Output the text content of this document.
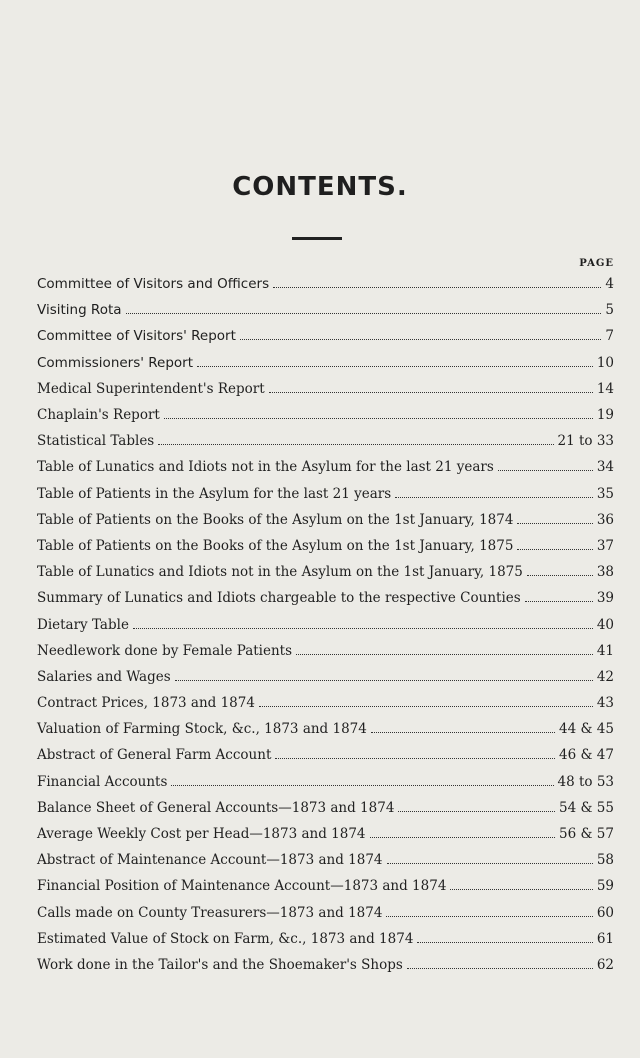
CONTENTS.
PAGE
Committee of Visitors and Officers	4
Visiting Rota	5
Committee of Visitors' Report	7
Commissioners' Report	10
Medical Superintendent's Report	14
Chaplain's Report	19
Statistical Tables	21 to 33
Table of Lunatics and Idiots not in the Asylum for the last 21 years	34
Table of Patients in the Asylum for the last 21 years	35
Table of Patients on the Books of the Asylum on the 1st January, 1874	36
Table of Patients on the Books of the Asylum on the 1st January, 1875	37
Table of Lunatics and Idiots not in the Asylum on the 1st January, 1875	38
Summary of Lunatics and Idiots chargeable to the respective Counties	39
Dietary Table	40
Needlework done by Female Patients	41
Salaries and Wages	42
Contract Prices, 1873 and 1874	43
Valuation of Farming Stock, &c., 1873 and 1874	44 & 45
Abstract of General Farm Account	46 & 47
Financial Accounts	48 to 53
Balance Sheet of General Accounts—1873 and 1874	54 & 55
Average Weekly Cost per Head—1873 and 1874	56 & 57
Abstract of Maintenance Account—1873 and 1874	58
Financial Position of Maintenance Account—1873 and 1874	59
Calls made on County Treasurers—1873 and 1874	60
Estimated Value of Stock on Farm, &c., 1873 and 1874	61
Work done in the Tailor's and the Shoemaker's Shops	62
